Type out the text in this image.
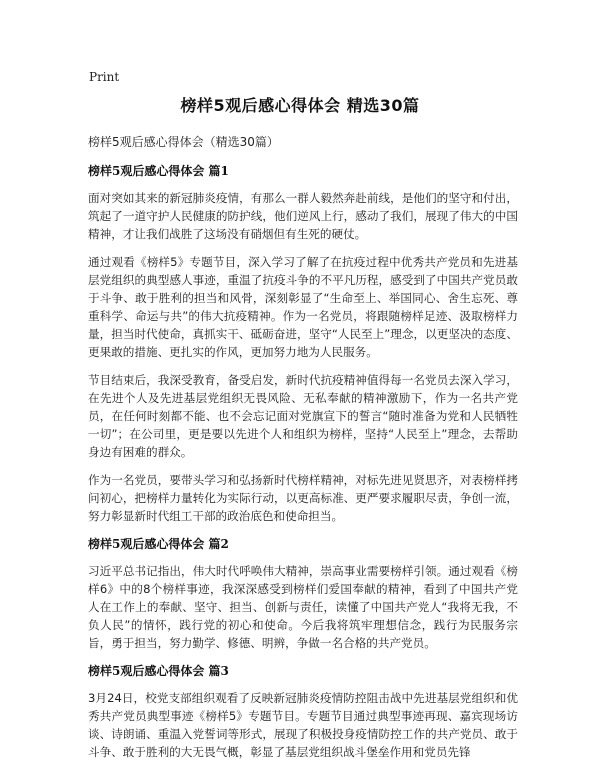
Print
榜样5观后感心得体会 精选30篇

榜样5观后感心得体会（精选30篇）

榜样5观后感心得体会 篇1

面对突如其来的新冠肺炎疫情，有那么一群人毅然奔赴前线，是他们的坚守和付出，筑起了一道守护人民健康的防护线，他们逆风上行，感动了我们，展现了伟大的中国精神，才让我们战胜了这场没有硝烟但有生死的硬仗。

通过观看《榜样5》专题节目，深入学习了解了在抗疫过程中优秀共产党员和先进基层党组织的典型感人事迹，重温了抗疫斗争的不平凡历程，感受到了中国共产党员敢于斗争、敢于胜利的担当和风骨，深刻彰显了“生命至上、举国同心、舍生忘死、尊重科学、命运与共”的伟大抗疫精神。作为一名党员，将跟随榜样足迹、汲取榜样力量，担当时代使命，真抓实干、砥砺奋进，坚守“人民至上”理念，以更坚决的态度、更果敢的措施、更扎实的作风，更加努力地为人民服务。

节目结束后，我深受教育，备受启发，新时代抗疫精神值得每一名党员去深入学习，在先进个人及先进基层党组织无畏风险、无私奉献的精神激励下，作为一名共产党员，在任何时刻都不能、也不会忘记面对党旗宣下的誓言“随时准备为党和人民牺牲一切”；在公司里，更是要以先进个人和组织为榜样，坚持“人民至上”理念，去帮助身边有困难的群众。

作为一名党员，要带头学习和弘扬新时代榜样精神，对标先进见贤思齐，对表榜样拷问初心，把榜样力量转化为实际行动，以更高标准、更严要求履职尽责，争创一流，努力彰显新时代组工干部的政治底色和使命担当。

榜样5观后感心得体会 篇2

习近平总书记指出，伟大时代呼唤伟大精神，崇高事业需要榜样引领。通过观看《榜样6》中的8个榜样事迹，我深深感受到榜样们爱国奉献的精神，看到了中国共产党人在工作上的奉献、坚守、担当、创新与责任，读懂了中国共产党人“我将无我，不负人民”的情怀，践行党的初心和使命。今后我将筑牢理想信念，践行为民服务宗旨，勇于担当，努力勤学、修德、明辨，争做一名合格的共产党员。

榜样5观后感心得体会 篇3

3月24日，校党支部组织观看了反映新冠肺炎疫情防控阻击战中先进基层党组织和优秀共产党员典型事迹《榜样5》专题节目。专题节目通过典型事迹再现、嘉宾现场访谈、诗朗诵、重温入党誓词等形式，展现了积极投身疫情防控工作的共产党员、敢于斗争、敢于胜利的大无畏气概，彰显了基层党组织战斗堡垒作用和党员先锋
